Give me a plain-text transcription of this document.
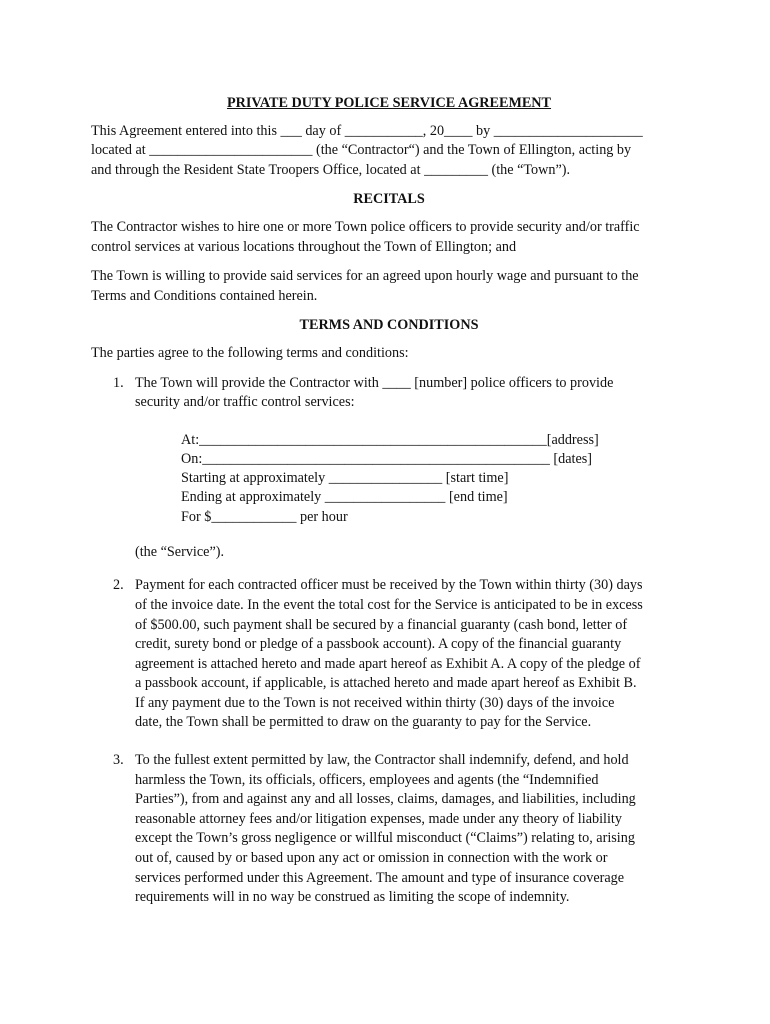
PRIVATE DUTY POLICE SERVICE AGREEMENT

This Agreement entered into this ___ day of ___________, 20____ by _____________________
located at _______________________ (the “Contractor“) and the Town of Ellington, acting by
and through the Resident State Troopers Office, located at _________ (the “Town”).

RECITALS

The Contractor wishes to hire one or more Town police officers to provide security and/or traffic
control services at various locations throughout the Town of Ellington; and

The Town is willing to provide said services for an agreed upon hourly wage and pursuant to the
Terms and Conditions contained herein.

TERMS AND CONDITIONS

The parties agree to the following terms and conditions:

1. The Town will provide the Contractor with ____ [number] police officers to provide
security and/or traffic control services:
At:_________________________________________________[address]
On:_________________________________________________ [dates]
Starting at approximately ________________ [start time]
Ending at approximately _________________ [end time]
For $____________ per hour
(the “Service”).
2. Payment for each contracted officer must be received by the Town within thirty (30) days
of the invoice date. In the event the total cost for the Service is anticipated to be in excess
of $500.00, such payment shall be secured by a financial guaranty (cash bond, letter of
credit, surety bond or pledge of a passbook account). A copy of the financial guaranty
agreement is attached hereto and made apart hereof as Exhibit A. A copy of the pledge of
a passbook account, if applicable, is attached hereto and made apart hereof as Exhibit B.
If any payment due to the Town is not received within thirty (30) days of the invoice
date, the Town shall be permitted to draw on the guaranty to pay for the Service.
3. To the fullest extent permitted by law, the Contractor shall indemnify, defend, and hold
harmless the Town, its officials, officers, employees and agents (the “Indemnified
Parties”), from and against any and all losses, claims, damages, and liabilities, including
reasonable attorney fees and/or litigation expenses, made under any theory of liability
except the Town’s gross negligence or willful misconduct (“Claims”) relating to, arising
out of, caused by or based upon any act or omission in connection with the work or
services performed under this Agreement. The amount and type of insurance coverage
requirements will in no way be construed as limiting the scope of indemnity.
